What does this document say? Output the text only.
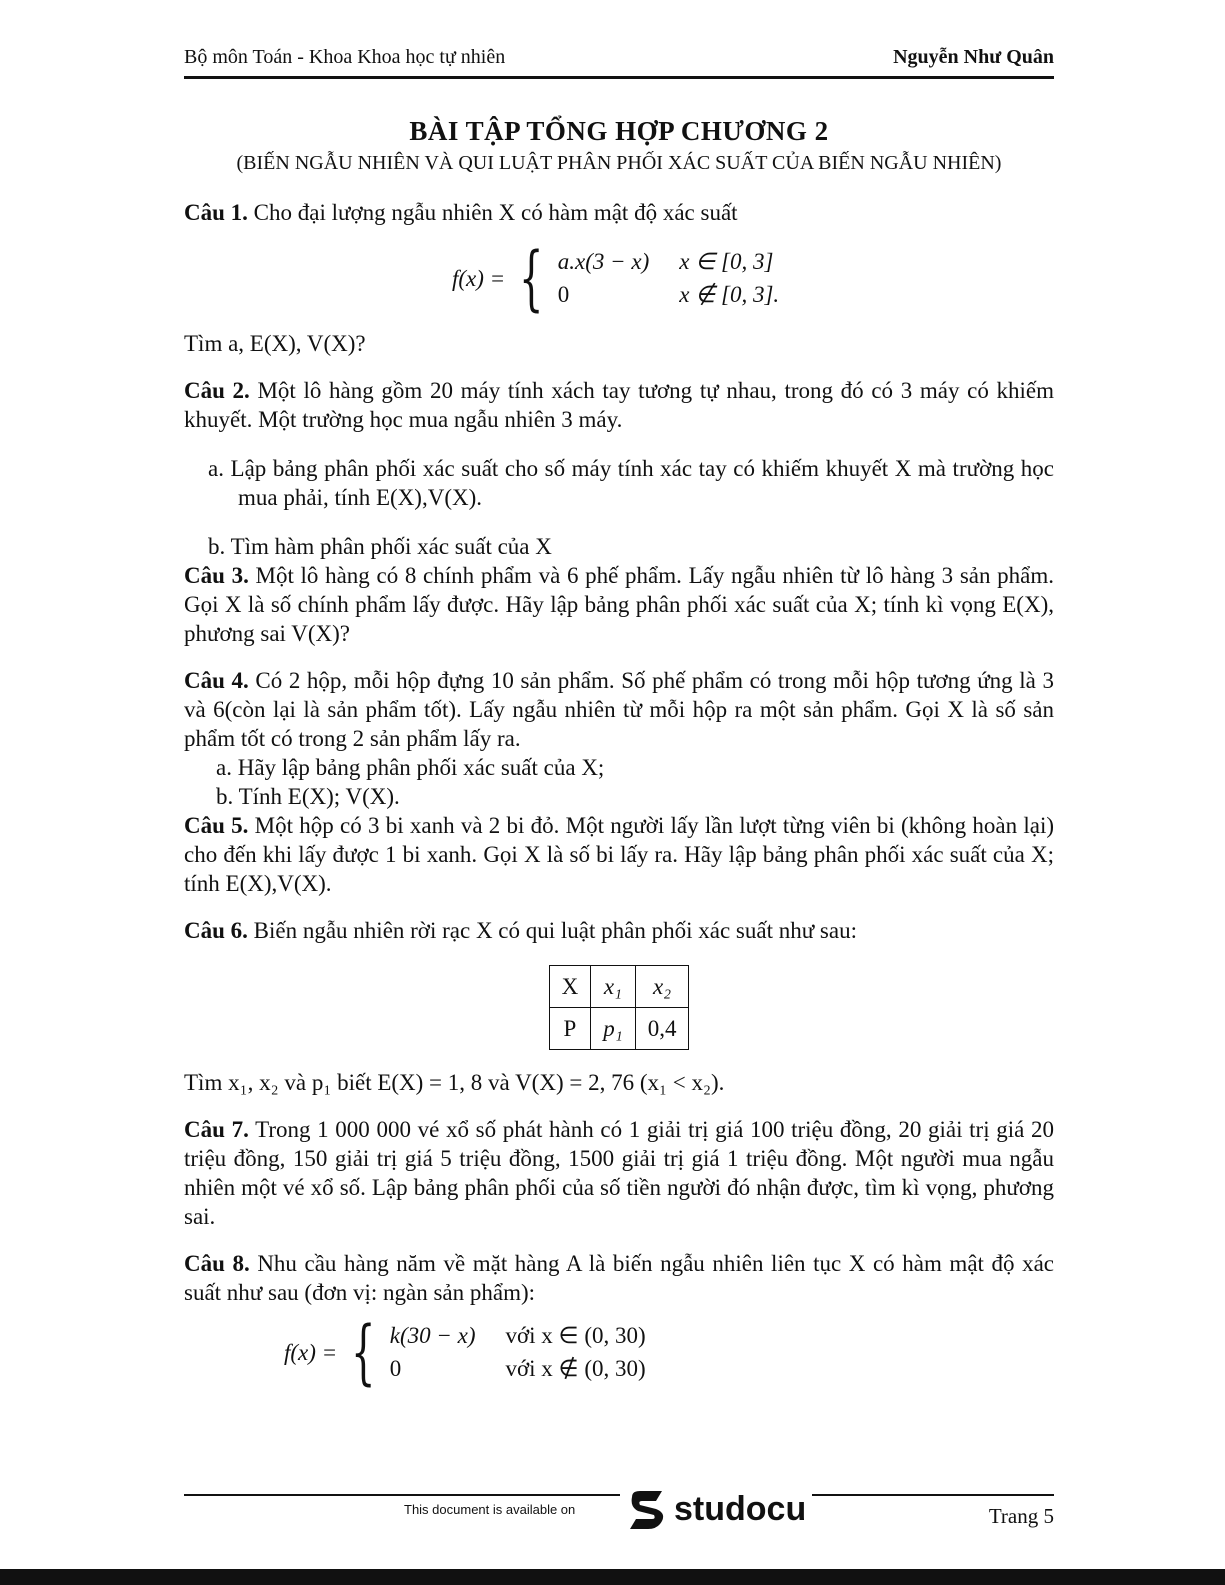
Bộ môn Toán - Khoa Khoa học tự nhiên	Nguyễn Như Quân
BÀI TẬP TỔNG HỢP CHƯƠNG 2
(BIẾN NGẪU NHIÊN VÀ QUI LUẬT PHÂN PHỐI XÁC SUẤT CỦA BIẾN NGẪU NHIÊN)

Câu 1. Cho đại lượng ngẫu nhiên X có hàm mật độ xác suất

f(x) = { a.x(3 − x) x ∈ [0, 3]
0	x ∉ [0, 3].

Tìm a, E(X), V(X)?

Câu 2. Một lô hàng gồm 20 máy tính xách tay tương tự nhau, trong đó có 3 máy có khiếm khuyết. Một trường học mua ngẫu nhiên 3 máy.

a. Lập bảng phân phối xác suất cho số máy tính xác tay có khiếm khuyết X mà trường học mua phải, tính E(X),V(X).

b. Tìm hàm phân phối xác suất của X

Câu 3. Một lô hàng có 8 chính phẩm và 6 phế phẩm. Lấy ngẫu nhiên từ lô hàng 3 sản phẩm. Gọi X là số chính phẩm lấy được. Hãy lập bảng phân phối xác suất của X; tính kì vọng E(X), phương sai V(X)?

Câu 4. Có 2 hộp, mỗi hộp đựng 10 sản phẩm. Số phế phẩm có trong mỗi hộp tương ứng là 3 và 6(còn lại là sản phẩm tốt). Lấy ngẫu nhiên từ mỗi hộp ra một sản phẩm. Gọi X là số sản phẩm tốt có trong 2 sản phẩm lấy ra.

a. Hãy lập bảng phân phối xác suất của X;

b. Tính E(X); V(X).

Câu 5. Một hộp có 3 bi xanh và 2 bi đỏ. Một người lấy lần lượt từng viên bi (không hoàn lại) cho đến khi lấy được 1 bi xanh. Gọi X là số bi lấy ra. Hãy lập bảng phân phối xác suất của X; tính E(X),V(X).

Câu 6. Biến ngẫu nhiên rời rạc X có qui luật phân phối xác suất như sau:

X	x₁	x₂
P	p₁	0,4

Tìm x₁, x₂ và p₁ biết E(X) = 1, 8 và V(X) = 2, 76 (x₁ < x₂).

Câu 7. Trong 1 000 000 vé xổ số phát hành có 1 giải trị giá 100 triệu đồng, 20 giải trị giá 20 triệu đồng, 150 giải trị giá 5 triệu đồng, 1500 giải trị giá 1 triệu đồng. Một người mua ngẫu nhiên một vé xổ số. Lập bảng phân phối của số tiền người đó nhận được, tìm kì vọng, phương sai.

Câu 8. Nhu cầu hàng năm về mặt hàng A là biến ngẫu nhiên liên tục X có hàm mật độ xác suất như sau (đơn vị: ngàn sản phẩm):

f(x) = { k(30 − x) với x ∈ (0, 30)
0	với x ∉ (0, 30)
This document is available on	studocu	Trang 5
